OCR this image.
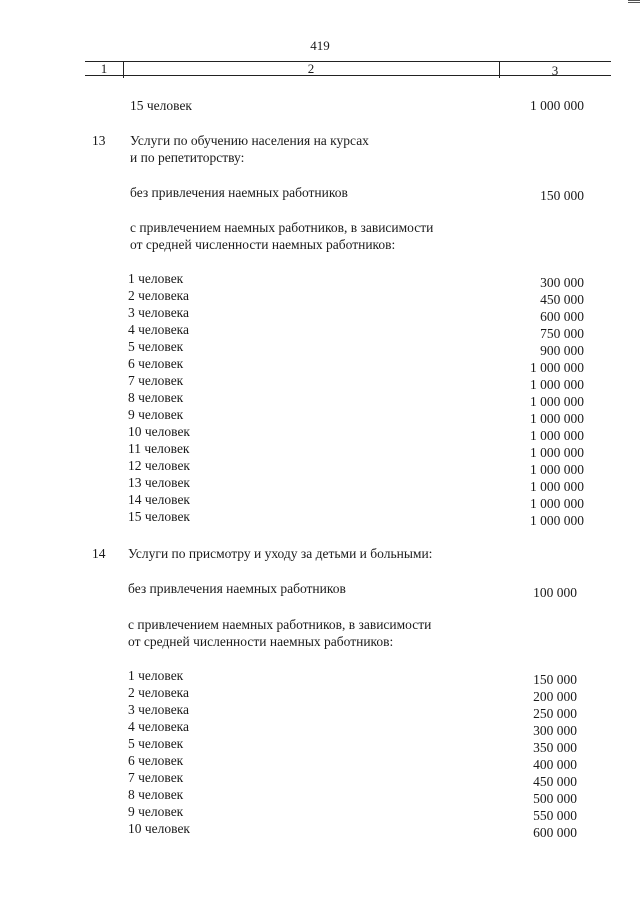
419
1	2	3
15 человек	1 000 000
13 Услуги по обучению населения на курсах
и по репетиторству:
без привлечения наемных работников	150 000
с привлечением наемных работников, в зависимости
от средней численности наемных работников:
1 человек	300 000
2 человека	450 000
3 человека	600 000
4 человека	750 000
5 человек	900 000
6 человек	1 000 000
7 человек	1 000 000
8 человек	1 000 000
9 человек	1 000 000
10 человек	1 000 000
11 человек	1 000 000
12 человек	1 000 000
13 человек	1 000 000
14 человек	1 000 000
15 человек	1 000 000
14 Услуги по присмотру и уходу за детьми и больными:
без привлечения наемных работников	100 000
с привлечением наемных работников, в зависимости
от средней численности наемных работников:
1 человек	150 000
2 человека	200 000
3 человека	250 000
4 человека	300 000
5 человек	350 000
6 человек	400 000
7 человек	450 000
8 человек	500 000
9 человек	550 000
10 человек	600 000
